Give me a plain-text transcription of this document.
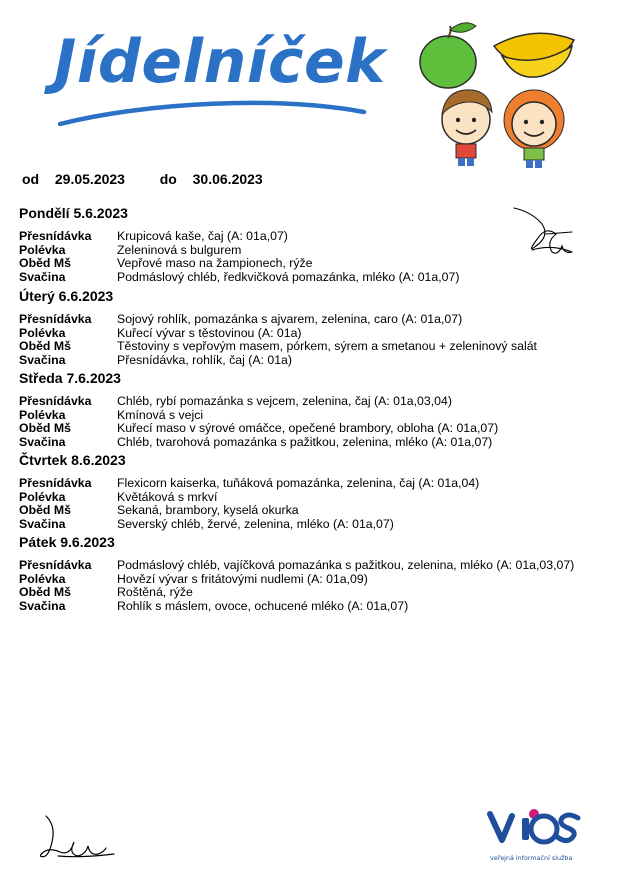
Jídelníček
od 29.05.2023 do 30.06.2023
Pondělí 5.6.2023
Přesnídávka	Krupicová kaše, čaj (A: 01a,07)
Polévka	Zeleninová s bulgurem
Oběd Mš	Vepřové maso na žampionech, rýže
Svačina	Podmáslový chléb, ředkvičková pomazánka, mléko (A: 01a,07)
Úterý 6.6.2023
Přesnídávka	Sojový rohlík, pomazánka s ajvarem, zelenina, caro (A: 01a,07)
Polévka	Kuřecí vývar s těstovinou (A: 01a)
Oběd Mš	Těstoviny s vepřovým masem, pórkem, sýrem a smetanou + zeleninový salát
Svačina	Přesnídávka, rohlík, čaj (A: 01a)
Středa 7.6.2023
Přesnídávka	Chléb, rybí pomazánka s vejcem, zelenina, čaj (A: 01a,03,04)
Polévka	Kmínová s vejci
Oběd Mš	Kuřecí maso v sýrové omáčce, opečené brambory, obloha (A: 01a,07)
Svačina	Chléb, tvarohová pomazánka s pažitkou, zelenina, mléko (A: 01a,07)
Čtvrtek 8.6.2023
Přesnídávka	Flexicorn kaiserka, tuňáková pomazánka, zelenina, čaj (A: 01a,04)
Polévka	Květáková s mrkví
Oběd Mš	Sekaná, brambory, kyselá okurka
Svačina	Severský chléb, žervé, zelenina, mléko (A: 01a,07)
Pátek 9.6.2023
Přesnídávka	Podmáslový chléb, vajíčková pomazánka s pažitkou, zelenina, mléko (A: 01a,03,07)
Polévka	Hovězí vývar s fritátovými nudlemi (A: 01a,09)
Oběd Mš	Roštěná, rýže
Svačina	Rohlík s máslem, ovoce, ochucené mléko (A: 01a,07)
veřejná informační služba
